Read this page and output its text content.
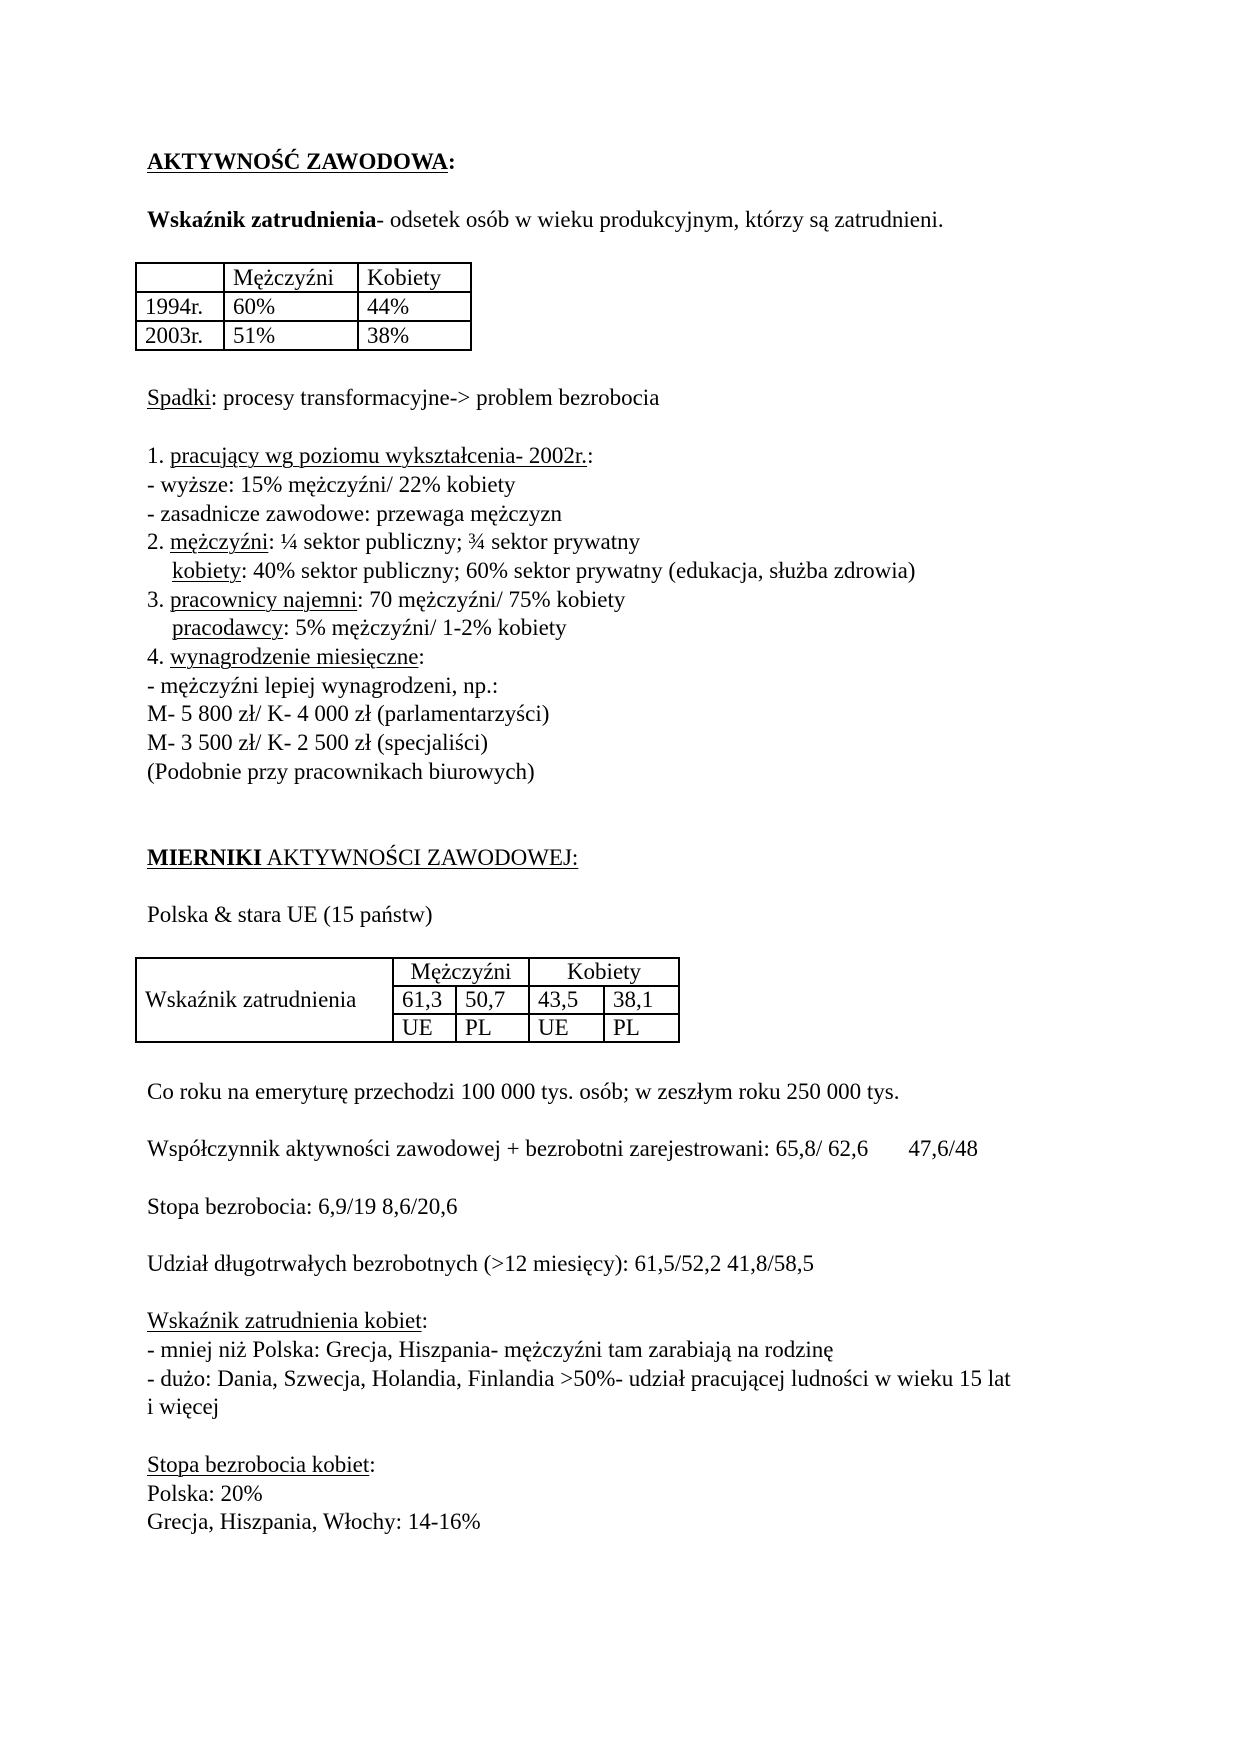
AKTYWNOŚĆ ZAWODOWA:
Wskaźnik zatrudnienia- odsetek osób w wieku produkcyjnym, którzy są zatrudnieni.
	Mężczyźni	Kobiety
1994r.	60%	44%
2003r.	51%	38%
Spadki: procesy transformacyjne-> problem bezrobocia
1. pracujący wg poziomu wykształcenia- 2002r.:
- wyższe: 15% mężczyźni/ 22% kobiety
- zasadnicze zawodowe: przewaga mężczyzn
2. mężczyźni: ¼ sektor publiczny; ¾ sektor prywatny
kobiety: 40% sektor publiczny; 60% sektor prywatny (edukacja, służba zdrowia)
3. pracownicy najemni: 70 mężczyźni/ 75% kobiety
pracodawcy: 5% mężczyźni/ 1-2% kobiety
4. wynagrodzenie miesięczne:
- mężczyźni lepiej wynagrodzeni, np.:
M- 5 800 zł/ K- 4 000 zł (parlamentarzyści)
M- 3 500 zł/ K- 2 500 zł (specjaliści)
(Podobnie przy pracownikach biurowych)
MIERNIKI AKTYWNOŚCI ZAWODOWEJ:
Polska & stara UE (15 państw)
Wskaźnik zatrudnienia	Mężczyźni		Kobiety	
	61,3	50,7	43,5	38,1
	UE	PL	UE	PL
Co roku na emeryturę przechodzi 100 000 tys. osób; w zeszłym roku 250 000 tys.
Współczynnik aktywności zawodowej + bezrobotni zarejestrowani: 65,8/ 62,6 47,6/48
Stopa bezrobocia: 6,9/19 8,6/20,6
Udział długotrwałych bezrobotnych (>12 miesięcy): 61,5/52,2 41,8/58,5
Wskaźnik zatrudnienia kobiet:
- mniej niż Polska: Grecja, Hiszpania- mężczyźni tam zarabiają na rodzinę
- dużo: Dania, Szwecja, Holandia, Finlandia >50%- udział pracującej ludności w wieku 15 lat
i więcej
Stopa bezrobocia kobiet:
Polska: 20%
Grecja, Hiszpania, Włochy: 14-16%
